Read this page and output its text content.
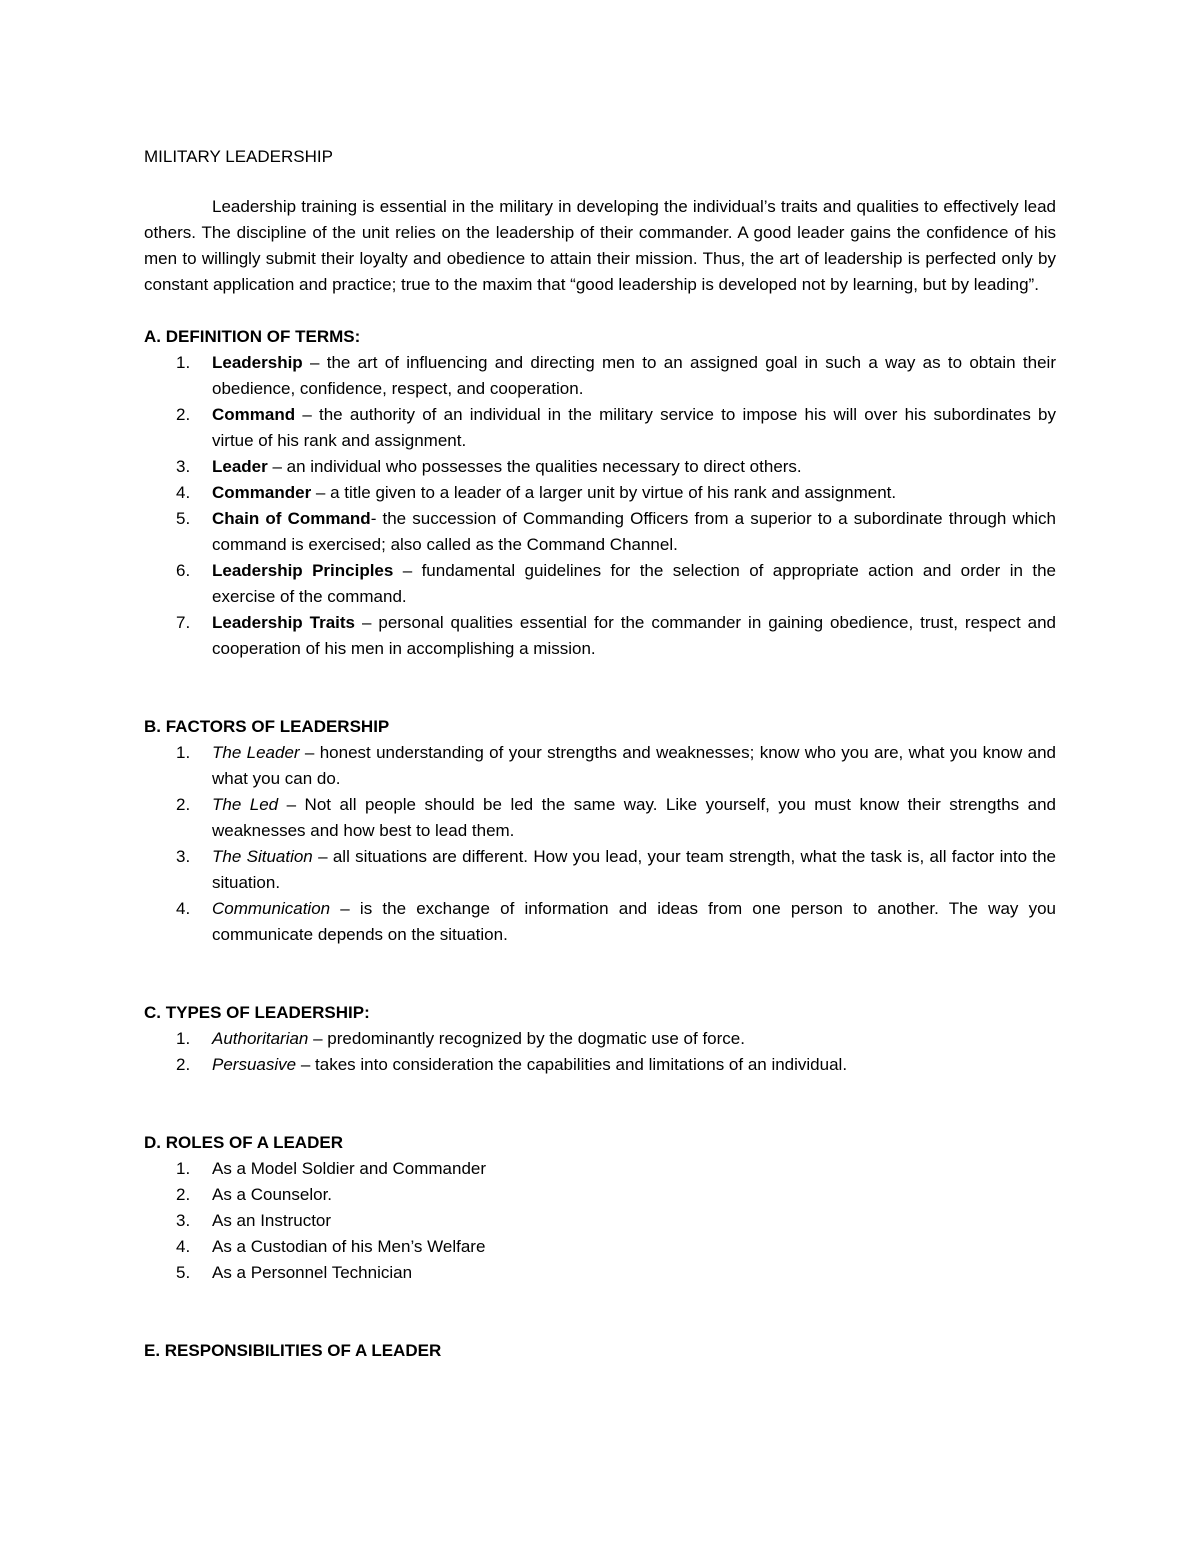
MILITARY LEADERSHIP

Leadership training is essential in the military in developing the individual’s traits and qualities to effectively lead others. The discipline of the unit relies on the leadership of their commander. A good leader gains the confidence of his men to willingly submit their loyalty and obedience to attain their mission. Thus, the art of leadership is perfected only by constant application and practice; true to the maxim that “good leadership is developed not by learning, but by leading”.

A. DEFINITION OF TERMS:
1. Leadership – the art of influencing and directing men to an assigned goal in such a way as to obtain their obedience, confidence, respect, and cooperation.
2. Command – the authority of an individual in the military service to impose his will over his subordinates by virtue of his rank and assignment.
3. Leader – an individual who possesses the qualities necessary to direct others.
4. Commander – a title given to a leader of a larger unit by virtue of his rank and assignment.
5. Chain of Command- the succession of Commanding Officers from a superior to a subordinate through which command is exercised; also called as the Command Channel.
6. Leadership Principles – fundamental guidelines for the selection of appropriate action and order in the exercise of the command.
7. Leadership Traits – personal qualities essential for the commander in gaining obedience, trust, respect and cooperation of his men in accomplishing a mission.
B. FACTORS OF LEADERSHIP
1. The Leader – honest understanding of your strengths and weaknesses; know who you are, what you know and what you can do.
2. The Led – Not all people should be led the same way. Like yourself, you must know their strengths and weaknesses and how best to lead them.
3. The Situation – all situations are different. How you lead, your team strength, what the task is, all factor into the situation.
4. Communication – is the exchange of information and ideas from one person to another. The way you communicate depends on the situation.
C. TYPES OF LEADERSHIP:
1. Authoritarian – predominantly recognized by the dogmatic use of force.
2. Persuasive – takes into consideration the capabilities and limitations of an individual.
D. ROLES OF A LEADER
1. As a Model Soldier and Commander
2. As a Counselor.
3. As an Instructor
4. As a Custodian of his Men’s Welfare
5. As a Personnel Technician
E. RESPONSIBILITIES OF A LEADER
